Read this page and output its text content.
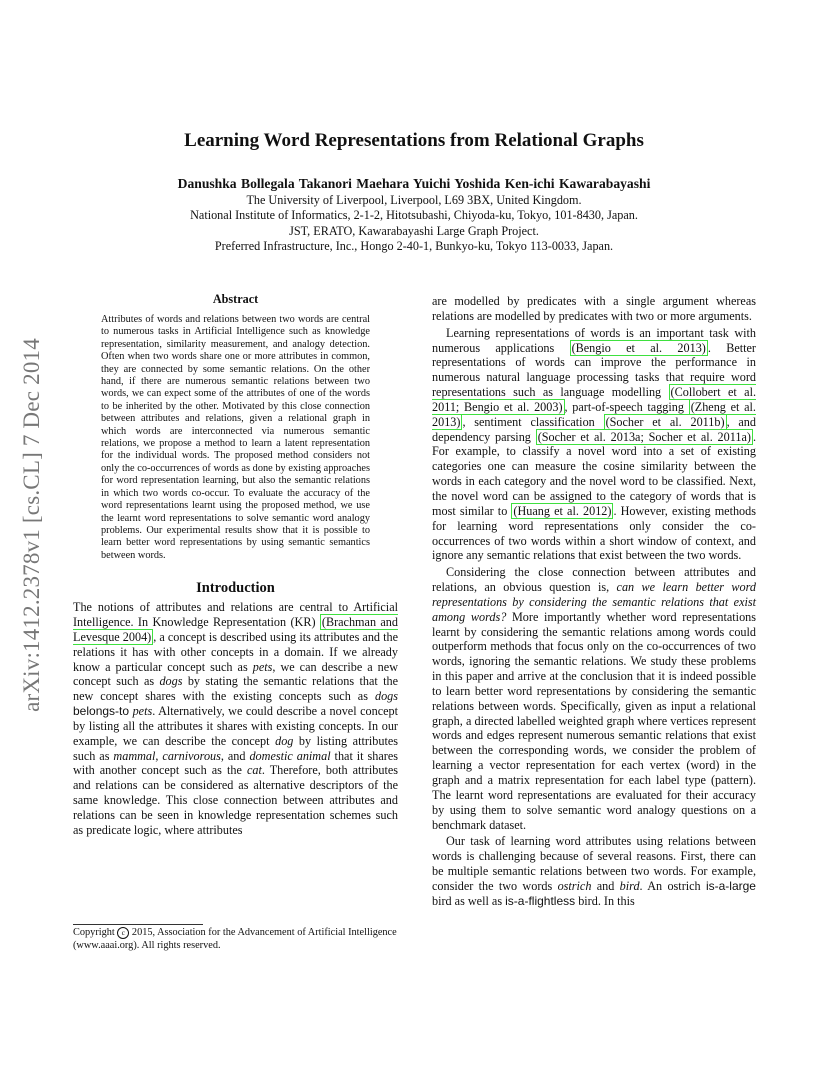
arXiv:1412.2378v1 [cs.CL] 7 Dec 2014
Learning Word Representations from Relational Graphs
Danushka Bollegala Takanori Maehara Yuichi Yoshida Ken-ichi Kawarabayashi
The University of Liverpool, Liverpool, L69 3BX, United Kingdom.
National Institute of Informatics, 2-1-2, Hitotsubashi, Chiyoda-ku, Tokyo, 101-8430, Japan.
JST, ERATO, Kawarabayashi Large Graph Project.
Preferred Infrastructure, Inc., Hongo 2-40-1, Bunkyo-ku, Tokyo 113-0033, Japan.
Abstract
Attributes of words and relations between two words are central to numerous tasks in Artificial Intelligence such as knowledge representation, similarity measurement, and analogy detection. Often when two words share one or more attributes in common, they are connected by some semantic relations. On the other hand, if there are numerous semantic relations between two words, we can expect some of the attributes of one of the words to be inherited by the other. Motivated by this close connection between attributes and relations, given a relational graph in which words are interconnected via numerous semantic relations, we propose a method to learn a latent representation for the individual words. The proposed method considers not only the co-occurrences of words as done by existing approaches for word representation learning, but also the semantic relations in which two words co-occur. To evaluate the accuracy of the word representations learnt using the proposed method, we use the learnt word representations to solve semantic word analogy problems. Our experimental results show that it is possible to learn better word representations by using semantic semantics between words.
Introduction

The notions of attributes and relations are central to Artificial Intelligence. In Knowledge Representation (KR) (Brachman and Levesque 2004) , a concept is described using its attributes and the relations it has with other concepts in a domain. If we already know a particular concept such as pets, we can describe a new concept such as dogs by stating the semantic relations that the new concept shares with the existing concepts such as dogs belongs-to pets. Alternatively, we could describe a novel concept by listing all the attributes it shares with existing concepts. In our example, we can describe the concept dog by listing attributes such as mammal, carnivorous, and domestic animal that it shares with another concept such as the cat. Therefore, both attributes and relations can be considered as alternative descriptors of the same knowledge. This close connection between attributes and relations can be seen in knowledge representation schemes such as predicate logic, where attributes

Copyright c 2015, Association for the Advancement of Artificial Intelligence (www.aaai.org). All rights reserved.

are modelled by predicates with a single argument whereas relations are modelled by predicates with two or more arguments.

Learning representations of words is an important task with numerous applications (Bengio et al. 2013) . Better representations of words can improve the performance in numerous natural language processing tasks that require word representations such as language modelling (Collobert et al. 2011; Bengio et al. 2003) , part-of-speech tagging (Zheng et al. 2013) , sentiment classification (Socher et al. 2011b) , and dependency parsing (Socher et al. 2013a; Socher et al. 2011a) . For example, to classify a novel word into a set of existing categories one can measure the cosine similarity between the words in each category and the novel word to be classified. Next, the novel word can be assigned to the category of words that is most similar to (Huang et al. 2012) . However, existing methods for learning word representations only consider the co-occurrences of two words within a short window of context, and ignore any semantic relations that exist between the two words.

Considering the close connection between attributes and relations, an obvious question is, can we learn better word representations by considering the semantic relations that exist among words? More importantly whether word representations learnt by considering the semantic relations among words could outperform methods that focus only on the co-occurrences of two words, ignoring the semantic relations. We study these problems in this paper and arrive at the conclusion that it is indeed possible to learn better word representations by considering the semantic relations between words. Specifically, given as input a relational graph, a directed labelled weighted graph where vertices represent words and edges represent numerous semantic relations that exist between the corresponding words, we consider the problem of learning a vector representation for each vertex (word) in the graph and a matrix representation for each label type (pattern). The learnt word representations are evaluated for their accuracy by using them to solve semantic word analogy questions on a benchmark dataset.

Our task of learning word attributes using relations between words is challenging because of several reasons. First, there can be multiple semantic relations between two words. For example, consider the two words ostrich and bird. An ostrich is-a-large bird as well as is-a-flightless bird. In this
